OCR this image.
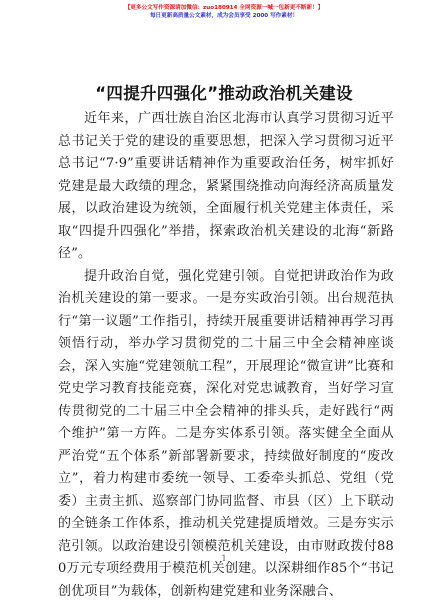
【更多公文写作资源请加微信：zuo180914 全网资源一喊一包新更不断新！】
每日更新高质量公文素材，成为会员享受 2000 写作素材！
“四提升四强化”推动政治机关建设

近年来，广西壮族自治区北海市认真学习贯彻习近平总书记关于党的建设的重要思想，把深入学习贯彻习近平总书记“7·9”重要讲话精神作为重要政治任务，树牢抓好党建是最大政绩的理念，紧紧围绕推动向海经济高质量发展，以政治建设为统领，全面履行机关党建主体责任，采取“四提升四强化”举措，探索政治机关建设的北海“新路径”。

提升政治自觉，强化党建引领。自觉把讲政治作为政治机关建设的第一要求。一是夯实政治引领。出台规范执行“第一议题”工作指引，持续开展重要讲话精神再学习再领悟行动，举办学习贯彻党的二十届三中全会精神座谈会，深入实施“党建领航工程”，开展理论“微宣讲”比赛和党史学习教育技能竞赛，深化对党忠诚教育，当好学习宣传贯彻党的二十届三中全会精神的排头兵，走好践行“两个维护”第一方阵。二是夯实体系引领。落实健全全面从严治党“五个体系”新部署新要求，持续做好制度的“废改立”，着力构建市委统一领导、工委牵头抓总、党组（党委）主责主抓、巡察部门协同监督、市县（区）上下联动的全链条工作体系，推动机关党建提质增效。三是夯实示范引领。以政治建设引领模范机关建设，由市财政拨付880万元专项经费用于模范机关创建。以深耕细作85个“书记创优项目”为载体，创新构建党建和业务深融合、

1
